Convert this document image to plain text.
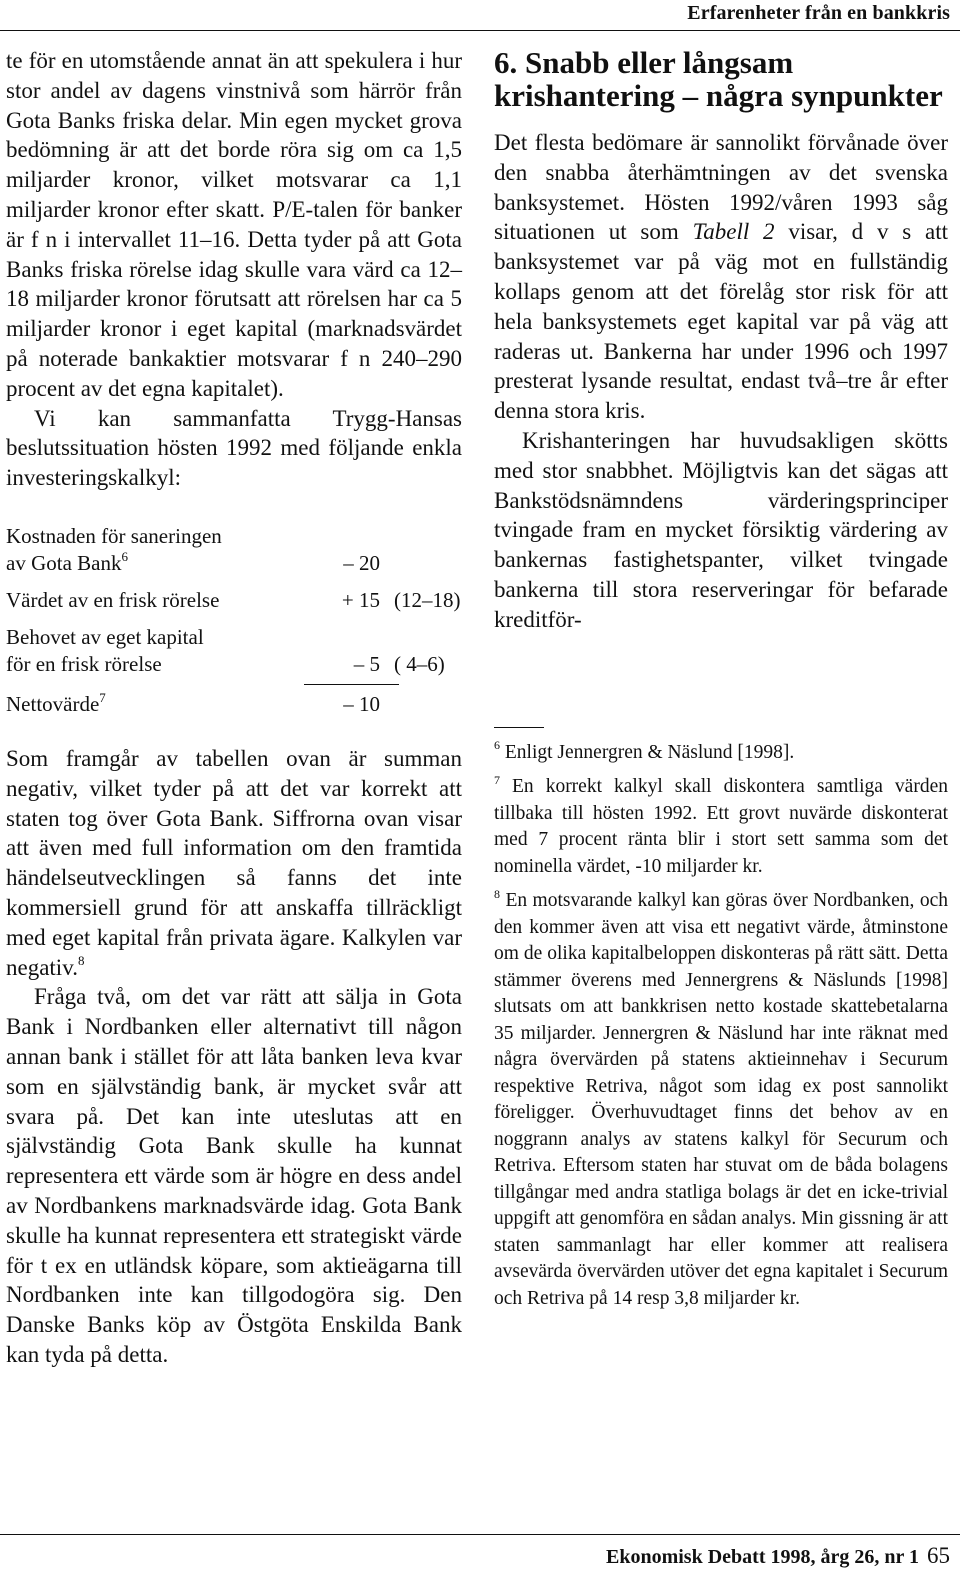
Erfarenheter från en bankkris

te för en utomstående annat än att spekulera i hur stor andel av dagens vinstnivå som härrör från Gota Banks friska delar. Min egen mycket grova bedömning är att det borde röra sig om ca 1,5 miljarder kronor, vilket motsvarar ca 1,1 miljarder kronor efter skatt. P/E-talen för banker är f n i intervallet 11–16. Detta tyder på att Gota Banks friska rörelse idag skulle vara värd ca 12–18 miljarder kronor förutsatt att rörelsen har ca 5 miljarder kronor i eget kapital (marknadsvärdet på noterade bankaktier motsvarar f n 240–290 procent av det egna kapitalet).

Vi kan sammanfatta Trygg-Hansas beslutssituation hösten 1992 med följande enkla investeringskalkyl:

Kostnaden för saneringen
av Gota Bank$^6$	– 20
Värdet av en frisk rörelse	+ 15 (12–18)
Behovet av eget kapital
för en frisk rörelse	– 5 ( 4–6)
Nettovärde$^7$	– 10

Som framgår av tabellen ovan är summan negativ, vilket tyder på att det var korrekt att staten tog över Gota Bank. Siffrorna ovan visar att även med full information om den framtida händelseutvecklingen så fanns det inte kommersiell grund för att anskaffa tillräckligt med eget kapital från privata ägare. Kalkylen var negativ.$^8$

Fråga två, om det var rätt att sälja in Gota Bank i Nordbanken eller alternativt till någon annan bank i stället för att låta banken leva kvar som en självständig bank, är mycket svår att svara på. Det kan inte uteslutas att en självständig Gota Bank skulle ha kunnat representera ett värde som är högre en dess andel av Nordbankens marknadsvärde idag. Gota Bank skulle ha kunnat representera ett strategiskt värde för t ex en utländsk köpare, som aktieägarna till Nordbanken inte kan tillgodogöra sig. Den Danske Banks köp av Östgöta Enskilda Bank kan tyda på detta.

6. Snabb eller långsam krishantering – några synpunkter

Det flesta bedömare är sannolikt förvånade över den snabba återhämtningen av det svenska banksystemet. Hösten 1992/våren 1993 såg situationen ut som Tabell 2 visar, d v s att banksystemet var på väg mot en fullständig kollaps genom att det förelåg stor risk för att hela banksystemets eget kapital var på väg att raderas ut. Bankerna har under 1996 och 1997 presterat lysande resultat, endast två–tre år efter denna stora kris.

Krishanteringen har huvudsakligen skötts med stor snabbhet. Möjligtvis kan det sägas att Bankstödsnämndens värderingsprinciper tvingade fram en mycket försiktig värdering av bankernas fastighetspanter, vilket tvingade bankerna till stora reserveringar för befarade kreditför-

$^6$ Enligt Jennergren & Näslund [1998].

$^7$ En korrekt kalkyl skall diskontera samtliga värden tillbaka till hösten 1992. Ett grovt nuvärde diskonterat med 7 procent ränta blir i stort sett samma som det nominella värdet, -10 miljarder kr.

$^8$ En motsvarande kalkyl kan göras över Nordbanken, och den kommer även att visa ett negativt värde, åtminstone om de olika kapitalbeloppen diskonteras på rätt sätt. Detta stämmer överens med Jennergrens & Näslunds [1998] slutsats om att bankkrisen netto kostade skattebetalarna 35 miljarder. Jennergren & Näslund har inte räknat med några övervärden på statens aktieinnehav i Securum respektive Retriva, något som idag ex post sannolikt föreligger. Överhuvudtaget finns det behov av en noggrann analys av statens kalkyl för Securum och Retriva. Eftersom staten har stuvat om de båda bolagens tillgångar med andra statliga bolags är det en icke-trivial uppgift att genomföra en sådan analys. Min gissning är att staten sammanlagt har eller kommer att realisera avsevärda övervärden utöver det egna kapitalet i Securum och Retriva på 14 resp 3,8 miljarder kr.

Ekonomisk Debatt 1998, årg 26, nr 1 65
